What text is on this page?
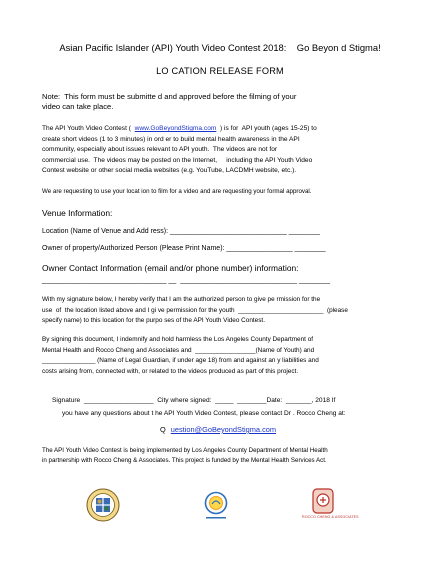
Asian Pacific Islander (API) Youth Video Contest 2018:    Go Beyon d Stigma!
LO CATION RELEASE FORM
Note:  This form must be submitte d and approved before the filming of your
video can take place.
The API Youth Video Contest (  www.GoBeyondStigma.com  ) is for  API youth (ages 15-25) to
create short videos (1 to 3 minutes) in ord er to build mental health awareness in the API
community, especially about issues relevant to API youth.  The videos are not for
commercial use.  The videos may be posted on the Internet,     including the API Youth Video
Contest website or other social media websites (e.g. YouTube, LACDMH website, etc.).
We are requesting to use your locat ion to film for a video and are requesting your formal approval.
Venue Information:
Location (Name of Venue and Add ress): ______________________________ ________
Owner of property/Authorized Person (Please Print Name): _________________ ________
Owner Contact Information (email and/or phone number) information:
________________________________ __  ______________________________ ________
With my signature below, I hereby verify that I am the authorized person to give pe rmission for the
use  of  the location listed above and I gi ve permission for the youth  ________________________  (please
specify name) to this location for the purpo ses of the API Youth Video Contest.
By signing this document, I indemnify and hold harmless the Los Angeles County Department of
Mental Health and Rocco Cheng and Associates and  _________________(Name of Youth) and
_______________ (Name of Legal Guardian, if under age 18) from and against an y liabilities and
costs arising from, connected with, or related to the videos produced as part of this project.
Signature  ___________________  City where signed:  _____  ________Date:  _______, 2018 If
you have any questions about t he API Youth Video Contest, please contact Dr . Rocco Cheng at:
Q uestion@GoBeyondStigma.com
The API Youth Video Contest is being implemented by Los Angeles County Department of Mental Health
in partnership with Rocco Cheng & Associates. This project is funded by the Mental Health Services Act.
ROCCO CHENG & ASSOCIATES
